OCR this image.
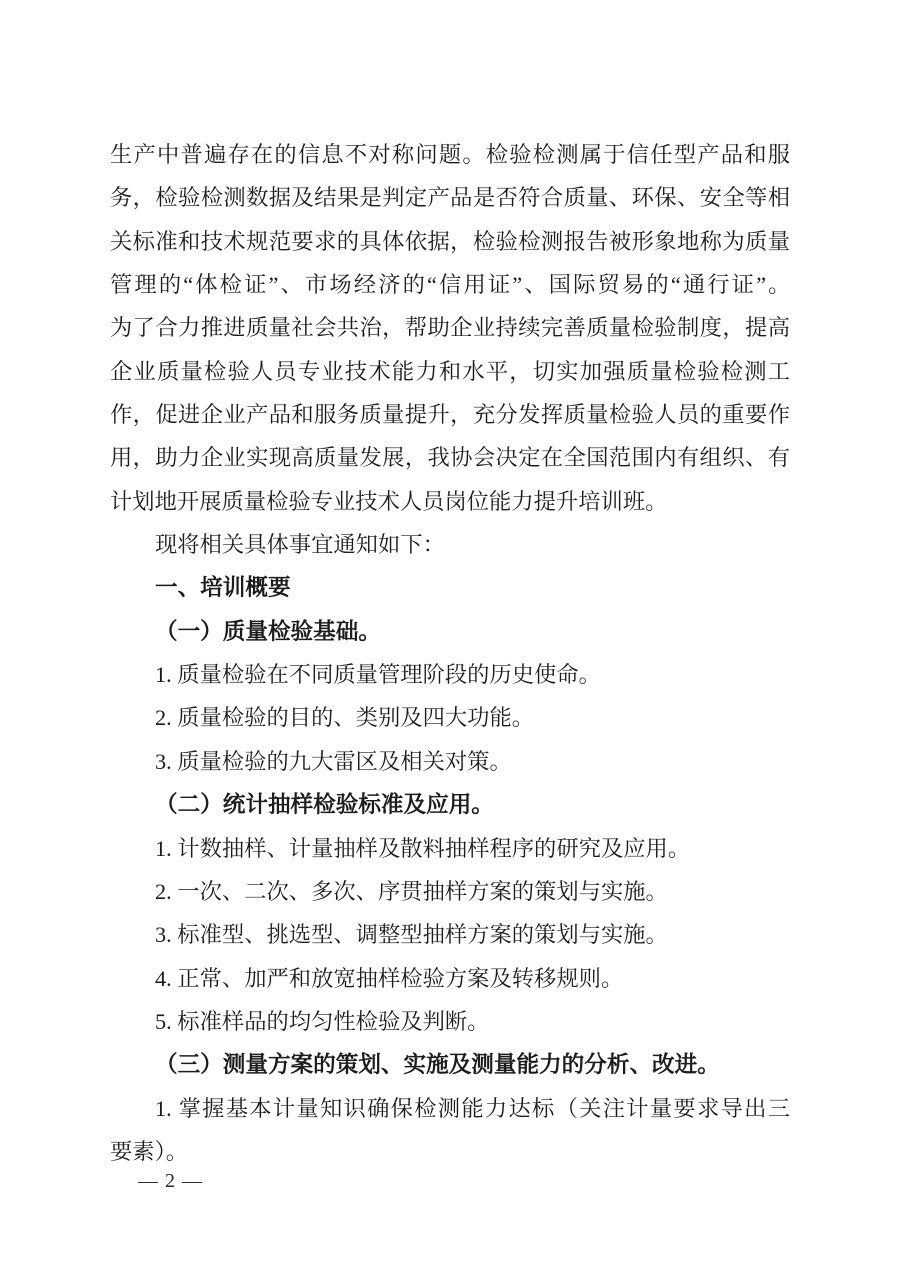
生产中普遍存在的信息不对称问题。检验检测属于信任型产品和服
务，检验检测数据及结果是判定产品是否符合质量、环保、安全等相
关标准和技术规范要求的具体依据，检验检测报告被形象地称为质量
管理的“体检证”、市场经济的“信用证”、国际贸易的“通行证”。
为了合力推进质量社会共治，帮助企业持续完善质量检验制度，提高
企业质量检验人员专业技术能力和水平，切实加强质量检验检测工
作，促进企业产品和服务质量提升，充分发挥质量检验人员的重要作
用，助力企业实现高质量发展，我协会决定在全国范围内有组织、有
计划地开展质量检验专业技术人员岗位能力提升培训班。
现将相关具体事宜通知如下：
一、培训概要
（一）质量检验基础。
1. 质量检验在不同质量管理阶段的历史使命。
2. 质量检验的目的、类别及四大功能。
3. 质量检验的九大雷区及相关对策。
（二）统计抽样检验标准及应用。
1. 计数抽样、计量抽样及散料抽样程序的研究及应用。
2. 一次、二次、多次、序贯抽样方案的策划与实施。
3. 标准型、挑选型、调整型抽样方案的策划与实施。
4. 正常、加严和放宽抽样检验方案及转移规则。
5. 标准样品的均匀性检验及判断。
（三）测量方案的策划、实施及测量能力的分析、改进。
1. 掌握基本计量知识确保检测能力达标（关注计量要求导出三
要素）。
— 2 —
